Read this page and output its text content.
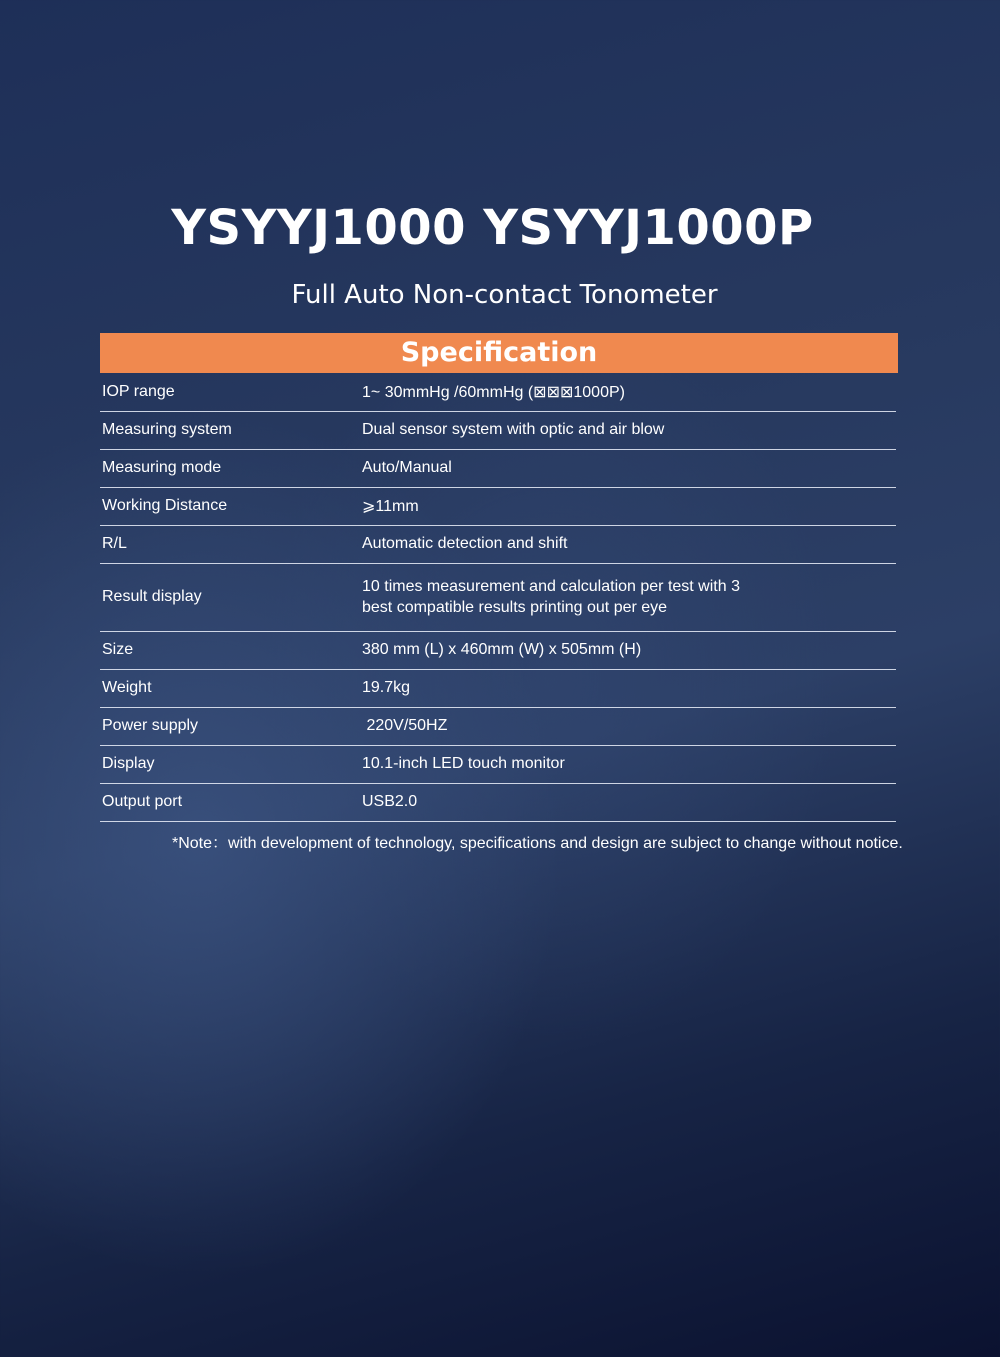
YSYYJ1000 YSYYJ1000P

Full Auto Non-contact Tonometer

Specification
IOP range	1~ 30mmHg /60mmHg (⊠⊠⊠1000P)
Measuring system	Dual sensor system with optic and air blow
Measuring mode	Auto/Manual
Working Distance	⩾11mm
R/L	Automatic detection and shift
Result display	10 times measurement and calculation per test with 3 best compatible results printing out per eye
Size	380 mm (L) x 460mm (W) x 505mm (H)
Weight	19.7kg
Power supply	220V/50HZ
Display	10.1-inch LED touch monitor
Output port	USB2.0
*Note：with development of technology, specifications and design are subject to change without notice.
